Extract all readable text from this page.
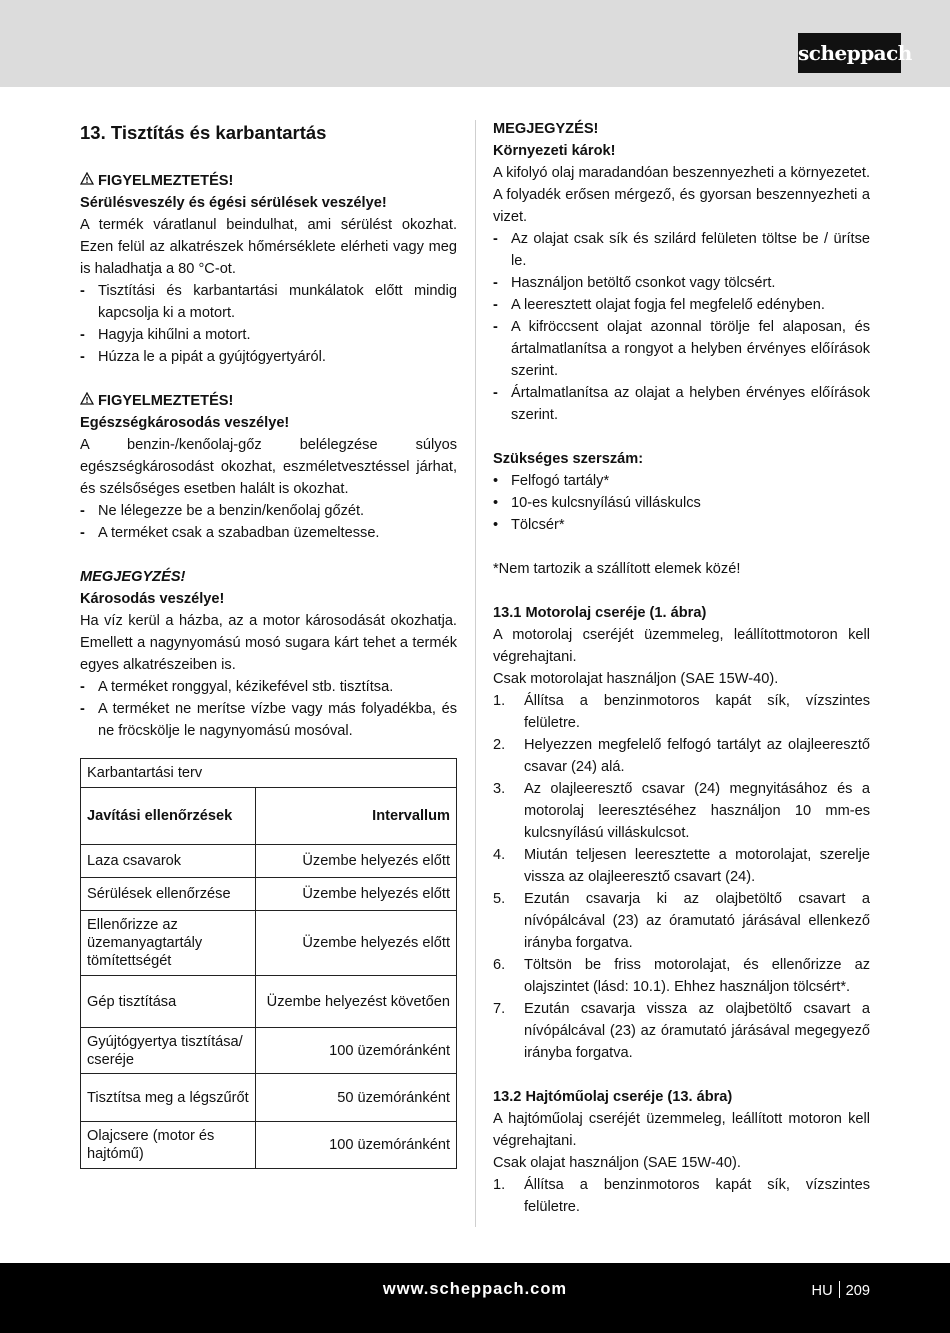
scheppach
13. Tisztítás és karbantartás

FIGYELMEZTETÉS!

Sérülésveszély és égési sérülések veszélye!

A termék váratlanul beindulhat, ami sérülést okozhat. Ezen felül az alkatrészek hőmérséklete elérheti vagy meg is haladhatja a 80 °C-ot.

- Tisztítási és karbantartási munkálatok előtt mindig kapcsolja ki a motort.
- Hagyja kihűlni a motort.
- Húzza le a pipát a gyújtógyertyáról.

FIGYELMEZTETÉS!

Egészségkárosodás veszélye!

A benzin-/kenőolaj-gőz belélegzése súlyos egészségkárosodást okozhat, eszméletvesztéssel járhat, és szélsőséges esetben halált is okozhat.

- Ne lélegezze be a benzin/kenőolaj gőzét.
- A terméket csak a szabadban üzemeltesse.

MEGJEGYZÉS!

Károsodás veszélye!

Ha víz kerül a házba, az a motor károsodását okozhatja. Emellett a nagynyomású mosó sugara kárt tehet a termék egyes alkatrészeiben is.

- A terméket ronggyal, kézikefével stb. tisztítsa.
- A terméket ne merítse vízbe vagy más folyadékba, és ne fröcskölje le nagynyomású mosóval.
Karbantartási terv	
Javítási ellenőrzések	Intervallum
Laza csavarok	Üzembe helyezés előtt
Sérülések ellenőrzése	Üzembe helyezés előtt
Ellenőrizze az üzemanyagtartály tömítettségét	Üzembe helyezés előtt
Gép tisztítása	Üzembe helyezést követően
Gyújtógyertya tisztítása/ cseréje	100 üzemóránként
Tisztítsa meg a légszűrőt	50 üzemóránként
Olajcsere (motor és hajtómű)	100 üzemóránként

MEGJEGYZÉS!

Környezeti károk!

A kifolyó olaj maradandóan beszennyezheti a környezetet. A folyadék erősen mérgező, és gyorsan beszennyezheti a vizet.

- Az olajat csak sík és szilárd felületen töltse be / ürítse le.
- Használjon betöltő csonkot vagy tölcsért.
- A leeresztett olajat fogja fel megfelelő edényben.
- A kifröccsent olajat azonnal törölje fel alaposan, és ártalmatlanítsa a rongyot a helyben érvényes előírások szerint.
- Ártalmatlanítsa az olajat a helyben érvényes előírások szerint.

Szükséges szerszám:

• Felfogó tartály*
• 10-es kulcsnyílású villáskulcs
• Tölcsér*

*Nem tartozik a szállított elemek közé!

13.1 Motorolaj cseréje (1. ábra)

A motorolaj cseréjét üzemmeleg, leállítottmotoron kell végrehajtani.

Csak motorolajat használjon (SAE 15W-40).

1. Állítsa a benzinmotoros kapát sík, vízszintes felületre.
2. Helyezzen megfelelő felfogó tartályt az olajleeresztő csavar (24) alá.
3. Az olajleeresztő csavar (24) megnyitásához és a motorolaj leeresztéséhez használjon 10 mm-es kulcsnyílású villáskulcsot.
4. Miután teljesen leeresztette a motorolajat, szerelje vissza az olajleeresztő csavart (24).
5. Ezután csavarja ki az olajbetöltő csavart a nívópálcával (23) az óramutató járásával ellenkező irányba forgatva.
6. Töltsön be friss motorolajat, és ellenőrizze az olajszintet (lásd: 10.1). Ehhez használjon tölcsért*.
7. Ezután csavarja vissza az olajbetöltő csavart a nívópálcával (23) az óramutató járásával megegyező irányba forgatva.

13.2 Hajtóműolaj cseréje (13. ábra)

A hajtóműolaj cseréjét üzemmeleg, leállított motoron kell végrehajtani.

Csak olajat használjon (SAE 15W-40).

1. Állítsa a benzinmotoros kapát sík, vízszintes felületre.
www.scheppach.com	HU 209
